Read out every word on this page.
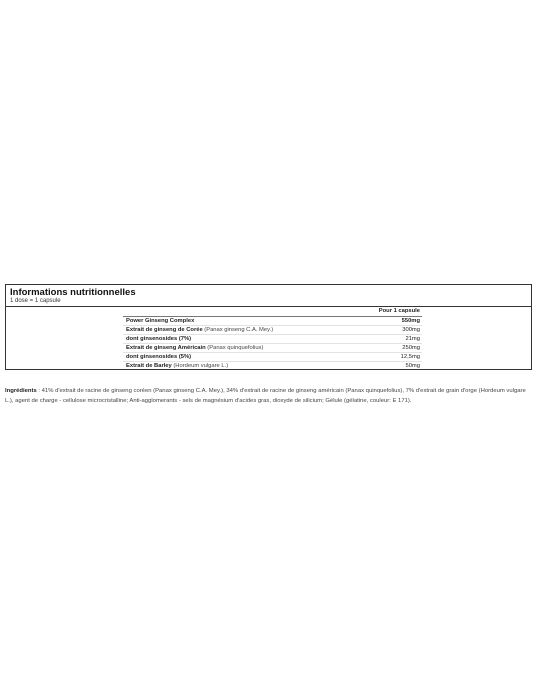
Informations nutritionnelles
1 dose = 1 capsule
	Pour 1 capsule
Power Ginseng Complex	550mg
Extrait de ginseng de Corée (Panax ginseng C.A. Mey.)	300mg
dont ginsenosides (7%)	21mg
Extrait de ginseng Américain (Panax quinquefolius)	250mg
dont ginsenosides (5%)	12,5mg
Extrait de Barley (Hordeum vulgare L.)	50mg
Ingrédients : 41% d'extrait de racine de ginseng coréen (Panax ginseng C.A. Mey.), 34% d'extrait de racine de ginseng américain (Panax quinquefolius), 7% d'extrait de grain d'orge (Hordeum vulgare L.), agent de charge - cellulose microcristalline; Anti-agglomerants - sels de magnésium d'acides gras, dioxyde de silicium; Gélule (gélatine, couleur: E 171).
